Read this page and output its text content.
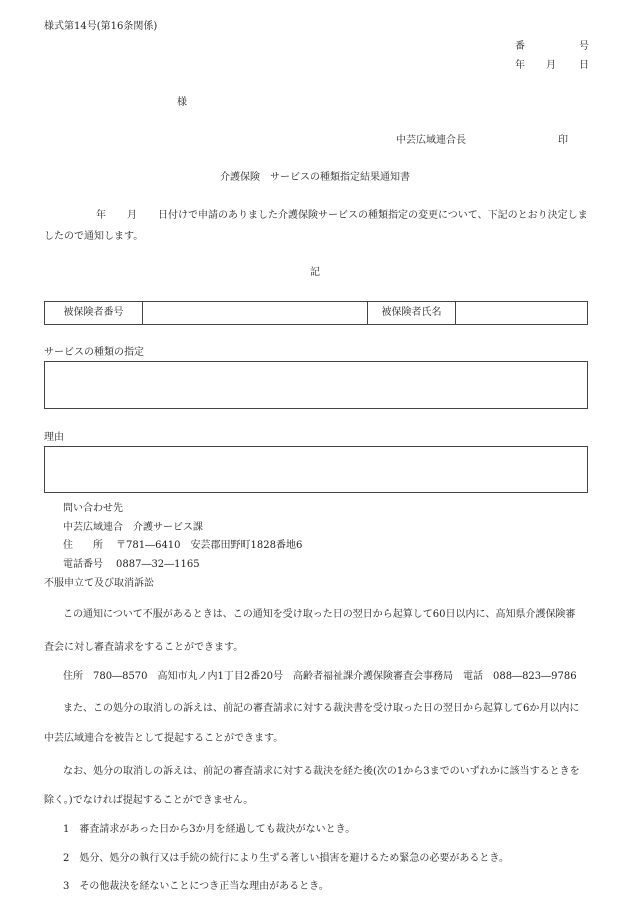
様式第14号(第16条関係)
番	号
年 月 日
様
中芸広域連合長	印
介護保険　サービスの種類指定結果通知書
年 月 日付けで申請のありました介護保険サービスの種類指定の変更について、下記のとおり決定しま
したので通知します。
記
被保険者番号	被保険者氏名
サービスの種類の指定
理由
問い合わせ先
中芸広域連合　介護サービス課
住　　所 〒781―6410　安芸郡田野町1828番地6
電話番号 0887―32―1165
不服申立て及び取消訴訟
この通知について不服があるときは、この通知を受け取った日の翌日から起算して60日以内に、高知県介護保険審
査会に対し審査請求をすることができます。
住所　780―8570　高知市丸ノ内1丁目2番20号　高齢者福祉課介護保険審査会事務局　電話　088―823―9786
また、この処分の取消しの訴えは、前記の審査請求に対する裁決書を受け取った日の翌日から起算して6か月以内に
中芸広域連合を被告として提起することができます。
なお、処分の取消しの訴えは、前記の審査請求に対する裁決を経た後(次の1から3までのいずれかに該当するときを
除く。)でなければ提起することができません。
1　審査請求があった日から3か月を経過しても裁決がないとき。
2　処分、処分の執行又は手続の続行により生ずる著しい損害を避けるため緊急の必要があるとき。
3　その他裁決を経ないことにつき正当な理由があるとき。
